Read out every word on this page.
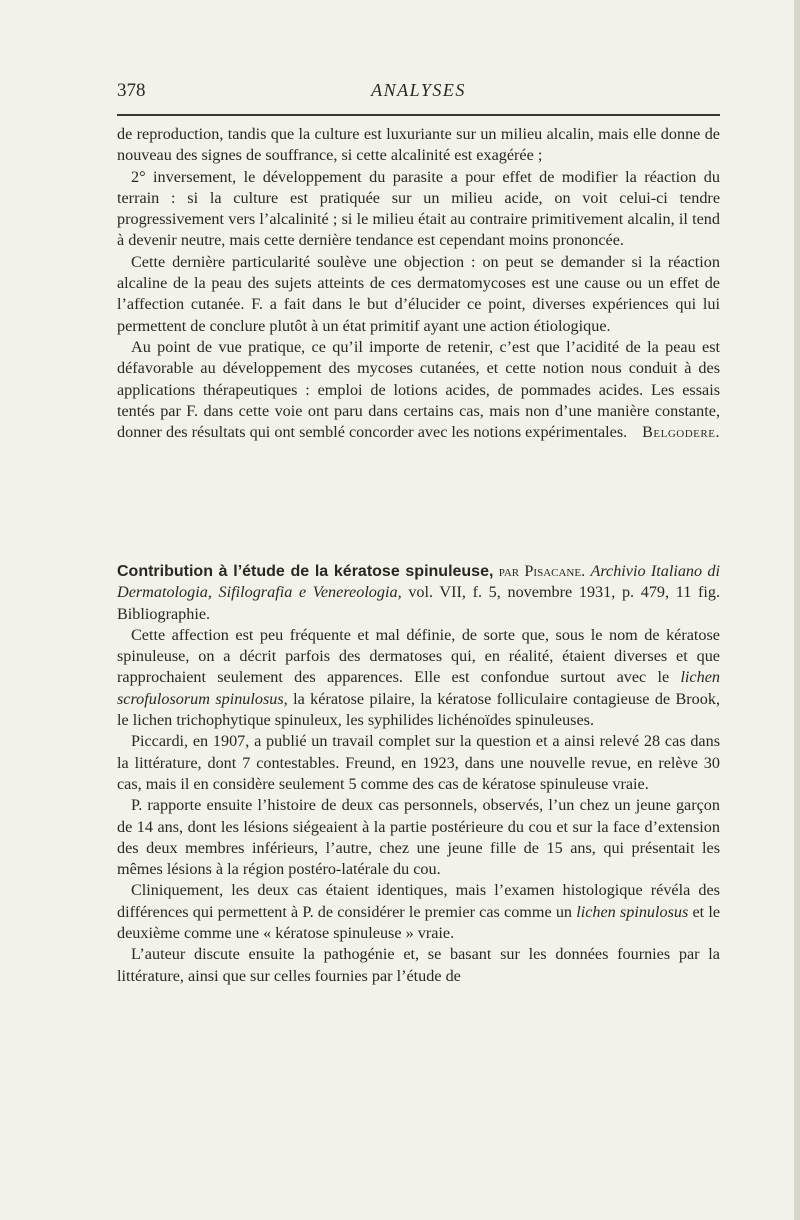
378	ANALYSES

de reproduction, tandis que la culture est luxuriante sur un milieu alcalin, mais elle donne de nouveau des signes de souffrance, si cette alcalinité est exagérée ;

2° inversement, le développement du parasite a pour effet de modifier la réaction du terrain : si la culture est pratiquée sur un milieu acide, on voit celui-ci tendre progressivement vers l’alcalinité ; si le milieu était au contraire primitivement alcalin, il tend à devenir neutre, mais cette dernière tendance est cependant moins prononcée.

Cette dernière particularité soulève une objection : on peut se demander si la réaction alcaline de la peau des sujets atteints de ces dermatomycoses est une cause ou un effet de l’affection cutanée. F. a fait dans le but d’élucider ce point, diverses expériences qui lui permettent de conclure plutôt à un état primitif ayant une action étiologique.

Au point de vue pratique, ce qu’il importe de retenir, c’est que l’acidité de la peau est défavorable au développement des mycoses cutanées, et cette notion nous conduit à des applications thérapeutiques : emploi de lotions acides, de pommades acides. Les essais tentés par F. dans cette voie ont paru dans certains cas, mais non d’une manière constante, donner des résultats qui ont semblé concorder avec les notions expérimentales. Belgodere.

Contribution à l’étude de la kératose spinuleuse, par Pisacane. Archivio Italiano di Dermatologia, Sifilografia e Venereologia, vol. VII, f. 5, novembre 1931, p. 479, 11 fig. Bibliographie.

Cette affection est peu fréquente et mal définie, de sorte que, sous le nom de kératose spinuleuse, on a décrit parfois des dermatoses qui, en réalité, étaient diverses et que rapprochaient seulement des apparences. Elle est confondue surtout avec le lichen scrofulosorum spinulosus, la kératose pilaire, la kératose folliculaire contagieuse de Brook, le lichen trichophytique spinuleux, les syphilides lichénoïdes spinuleuses.

Piccardi, en 1907, a publié un travail complet sur la question et a ainsi relevé 28 cas dans la littérature, dont 7 contestables. Freund, en 1923, dans une nouvelle revue, en relève 30 cas, mais il en considère seulement 5 comme des cas de kératose spinuleuse vraie.

P. rapporte ensuite l’histoire de deux cas personnels, observés, l’un chez un jeune garçon de 14 ans, dont les lésions siégeaient à la partie postérieure du cou et sur la face d’extension des deux membres inférieurs, l’autre, chez une jeune fille de 15 ans, qui présentait les mêmes lésions à la région postéro-latérale du cou.

Cliniquement, les deux cas étaient identiques, mais l’examen histologique révéla des différences qui permettent à P. de considérer le premier cas comme un lichen spinulosus et le deuxième comme une « kératose spinuleuse » vraie.

L’auteur discute ensuite la pathogénie et, se basant sur les données fournies par la littérature, ainsi que sur celles fournies par l’étude de
